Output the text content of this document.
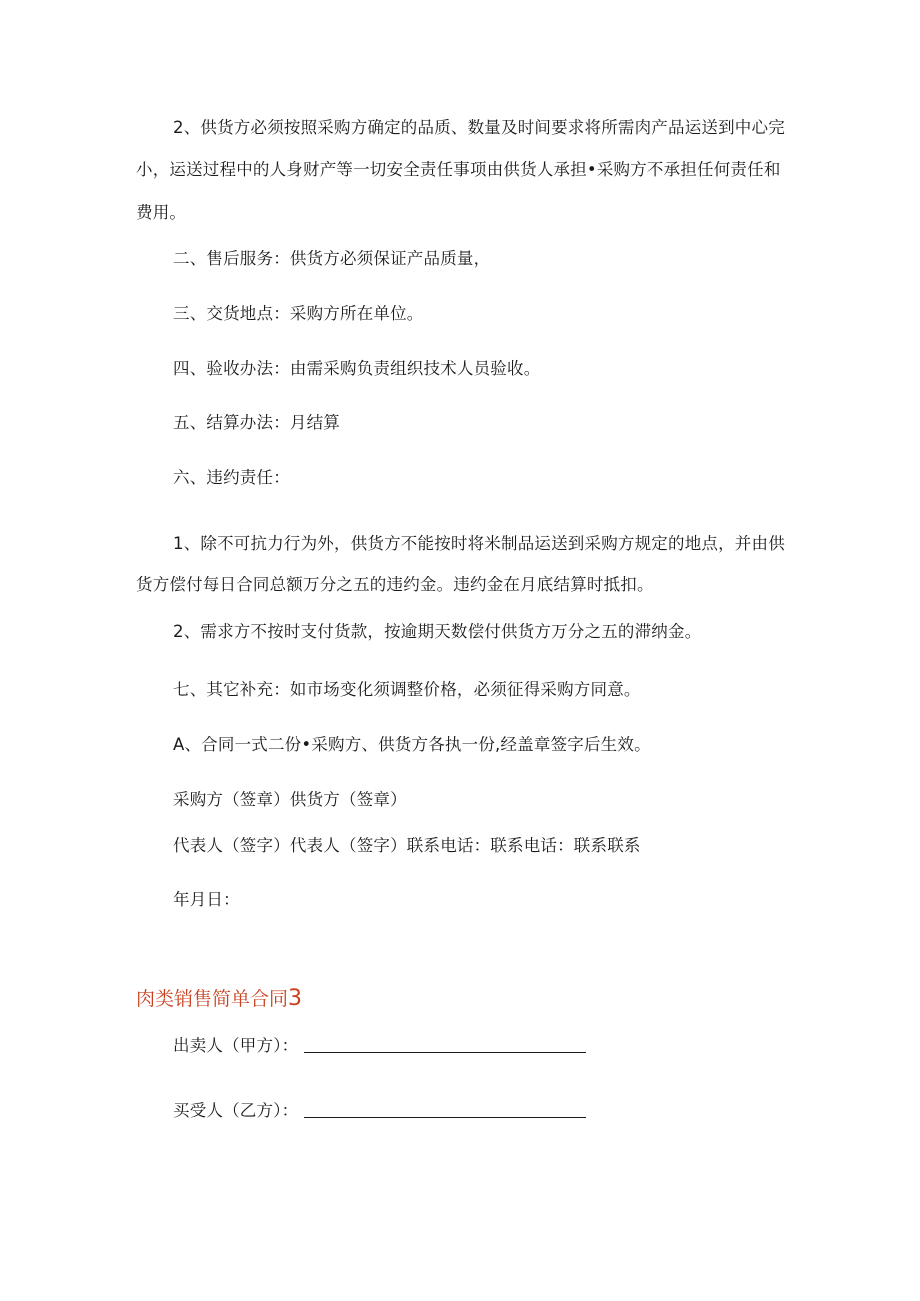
2、供货方必须按照采购方确定的品质、数量及时间要求将所需肉产品运送到中心完
小，运送过程中的人身财产等一切安全责任事项由供货人承担•采购方不承担任何责任和
费用。
二、售后服务：供货方必须保证产品质量，
三、交货地点：采购方所在单位。
四、验收办法：由需采购负责组织技术人员验收。
五、结算办法：月结算
六、违约责任：
1、除不可抗力行为外，供货方不能按时将米制品运送到采购方规定的地点，并由供
货方偿付每日合同总额万分之五的违约金。违约金在月底结算时抵扣。
2、需求方不按时支付货款，按逾期天数偿付供货方万分之五的滞纳金。
七、其它补充：如市场变化须调整价格，必须征得采购方同意。
A、合同一式二份•采购方、供货方各执一份,经盖章签字后生效。
采购方（签章）供货方（签章）
代表人（签字）代表人（签字）联系电话：联系电话：联系联系
年月日：
肉类销售简单合同3
出卖人（甲方）：
买受人（乙方）：
